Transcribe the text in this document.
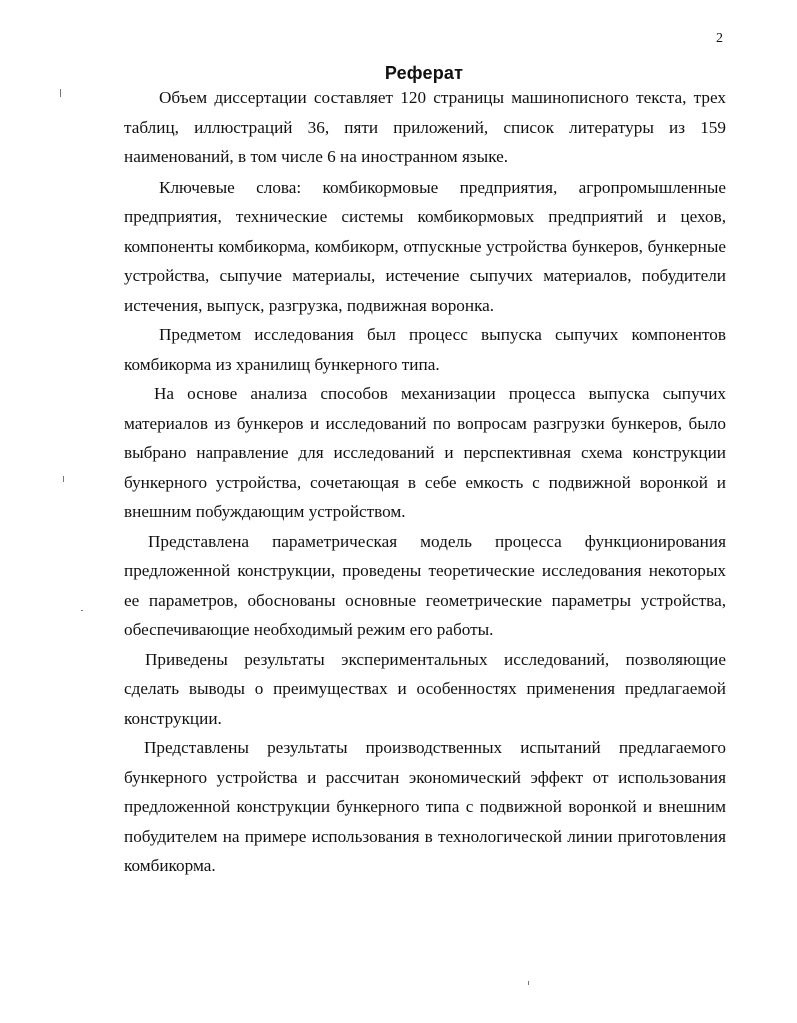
2
Реферат

Объем диссертации составляет 120 страницы машинописного текста, трех таблиц, иллюстраций 36, пяти приложений, список литературы из 159 наименований, в том числе 6 на иностранном языке.

Ключевые слова: комбикормовые предприятия, агропромышленные предприятия, технические системы комбикормовых предприятий и цехов, компоненты комбикорма, комбикорм, отпускные устройства бункеров, бункерные устройства, сыпучие материалы, истечение сыпучих материалов, побудители истечения, выпуск, разгрузка, подвижная воронка.

Предметом исследования был процесс выпуска сыпучих компонентов комбикорма из хранилищ бункерного типа.

На основе анализа способов механизации процесса выпуска сыпучих материалов из бункеров и исследований по вопросам разгрузки бункеров, было выбрано направление для исследований и перспективная схема конструкции бункерного устройства, сочетающая в себе емкость с подвижной воронкой и внешним побуждающим устройством.

Представлена параметрическая модель процесса функционирования предложенной конструкции, проведены теоретические исследования некоторых ее параметров, обоснованы основные геометрические параметры устройства, обеспечивающие необходимый режим его работы.

Приведены результаты экспериментальных исследований, позволяющие сделать выводы о преимуществах и особенностях применения предлагаемой конструкции.

Представлены результаты производственных испытаний предлагаемого бункерного устройства и рассчитан экономический эффект от использования предложенной конструкции бункерного типа с подвижной воронкой и внешним побудителем на примере использования в технологической линии приготовления комбикорма.
